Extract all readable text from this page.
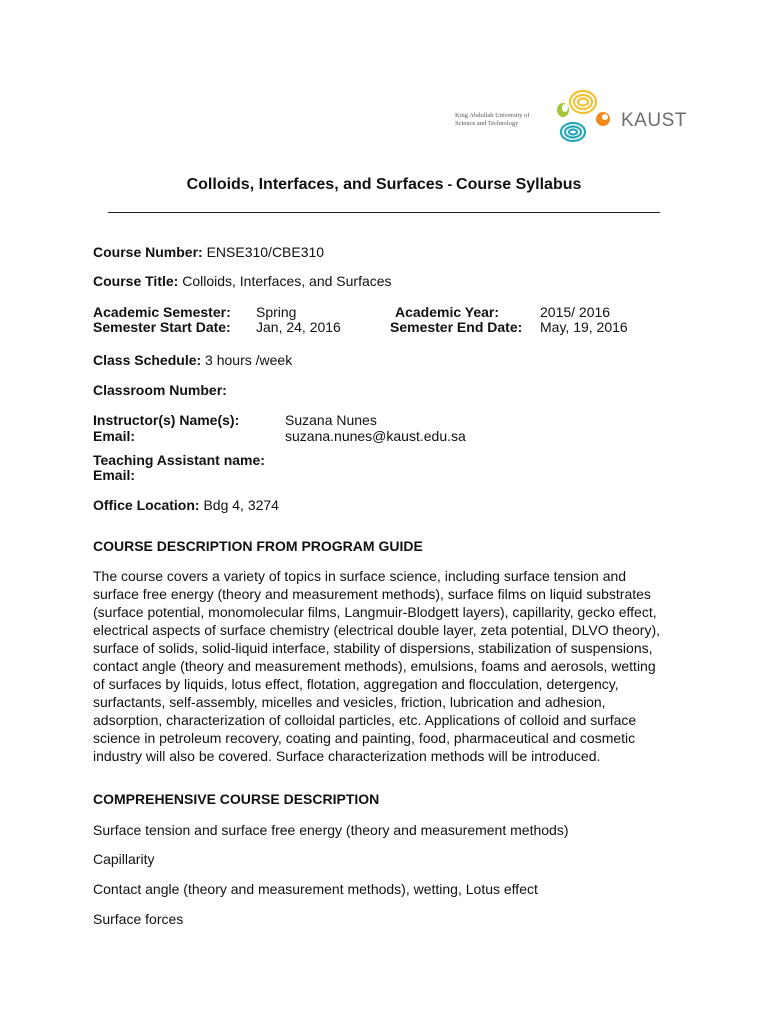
King Abdullah University of
Science and Technology	KAUST
Colloids, Interfaces, and Surfaces - Course Syllabus
Course Number: ENSE310/CBE310
Course Title: Colloids, Interfaces, and Surfaces
Academic Semester: Spring	Academic Year:	2015/ 2016
Semester Start Date: Jan, 24, 2016	Semester End Date: May, 19, 2016
Class Schedule: 3 hours /week
Classroom Number:
Instructor(s) Name(s):	Suzana Nunes
Email:	suzana.nunes@kaust.edu.sa
Teaching Assistant name:
Email:
Office Location: Bdg 4, 3274
COURSE DESCRIPTION FROM PROGRAM GUIDE
The course covers a variety of topics in surface science, including surface tension and
surface free energy (theory and measurement methods), surface films on liquid substrates
(surface potential, monomolecular films, Langmuir-Blodgett layers), capillarity, gecko effect,
electrical aspects of surface chemistry (electrical double layer, zeta potential, DLVO theory),
surface of solids, solid-liquid interface, stability of dispersions, stabilization of suspensions,
contact angle (theory and measurement methods), emulsions, foams and aerosols, wetting
of surfaces by liquids, lotus effect, flotation, aggregation and flocculation, detergency,
surfactants, self-assembly, micelles and vesicles, friction, lubrication and adhesion,
adsorption, characterization of colloidal particles, etc. Applications of colloid and surface
science in petroleum recovery, coating and painting, food, pharmaceutical and cosmetic
industry will also be covered. Surface characterization methods will be introduced.
COMPREHENSIVE COURSE DESCRIPTION
Surface tension and surface free energy (theory and measurement methods)
Capillarity
Contact angle (theory and measurement methods), wetting, Lotus effect
Surface forces
